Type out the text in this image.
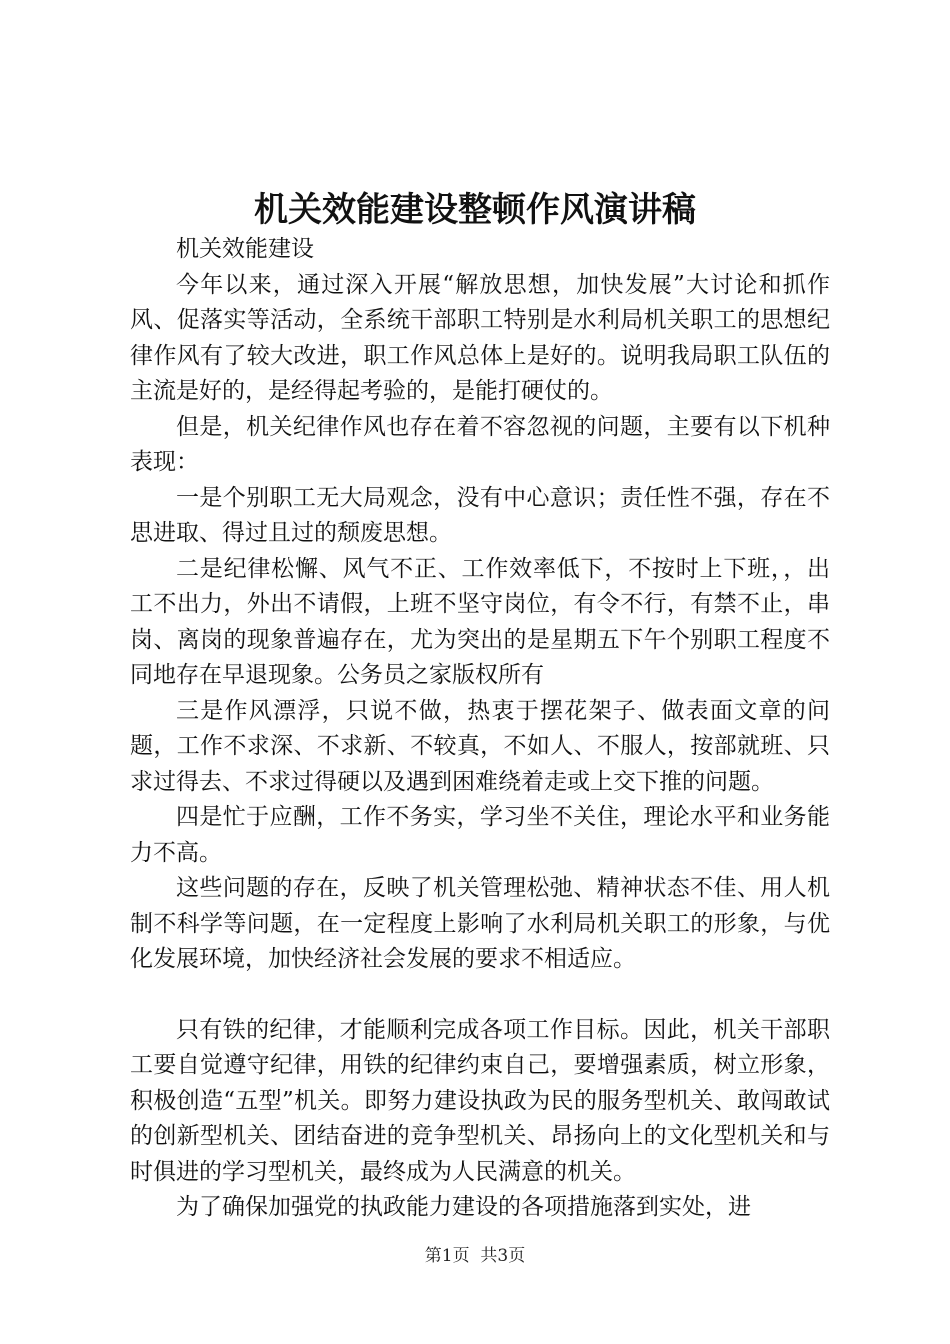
机关效能建设整顿作风演讲稿

机关效能建设

今年以来，通过深入开展“解放思想，加快发展”大讨论和抓作风、促落实等活动，全系统干部职工特别是水利局机关职工的思想纪律作风有了较大改进，职工作风总体上是好的。说明我局职工队伍的主流是好的，是经得起考验的，是能打硬仗的。

但是，机关纪律作风也存在着不容忽视的问题，主要有以下机种表现：

一是个别职工无大局观念，没有中心意识；责任性不强，存在不思进取、得过且过的颓废思想。

二是纪律松懈、风气不正、工作效率低下，不按时上下班，，出工不出力，外出不请假，上班不坚守岗位，有令不行，有禁不止，串岗、离岗的现象普遍存在，尤为突出的是星期五下午个别职工程度不同地存在早退现象。公务员之家版权所有

三是作风漂浮，只说不做，热衷于摆花架子、做表面文章的问题，工作不求深、不求新、不较真，不如人、不服人，按部就班、只求过得去、不求过得硬以及遇到困难绕着走或上交下推的问题。

四是忙于应酬，工作不务实，学习坐不关住，理论水平和业务能力不高。

这些问题的存在，反映了机关管理松弛、精神状态不佳、用人机制不科学等问题，在一定程度上影响了水利局机关职工的形象，与优化发展环境，加快经济社会发展的要求不相适应。

只有铁的纪律，才能顺利完成各项工作目标。因此，机关干部职工要自觉遵守纪律，用铁的纪律约束自己，要增强素质，树立形象，积极创造“五型”机关。即努力建设执政为民的服务型机关、敢闯敢试的创新型机关、团结奋进的竞争型机关、昂扬向上的文化型机关和与时俱进的学习型机关，最终成为人民满意的机关。

为了确保加强党的执政能力建设的各项措施落到实处，进

第1页  共3页
